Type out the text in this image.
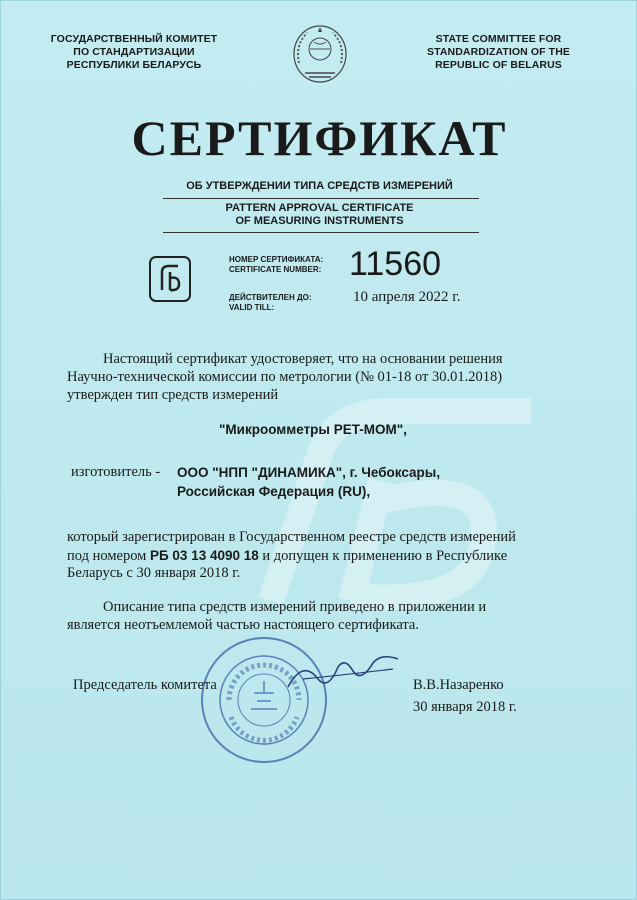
ГОСУДАРСТВЕННЫЙ КОМИТЕТ
ПО СТАНДАРТИЗАЦИИ
РЕСПУБЛИКИ БЕЛАРУСЬ
STATE COMMITTEE FOR
STANDARDIZATION OF THE
REPUBLIC OF BELARUS
СЕРТИФИКАТ
ОБ УТВЕРЖДЕНИИ ТИПА СРЕДСТВ ИЗМЕРЕНИЙ
PATTERN APPROVAL CERTIFICATE
OF MEASURING INSTRUMENTS
НОМЕР СЕРТИФИКАТА:
CERTIFICATE NUMBER: 11560
ДЕЙСТВИТЕЛЕН ДО:
VALID TILL:
10 апреля 2022 г.
Настоящий сертификат удостоверяет, что на основании решения
Научно-технической комиссии по метрологии (№ 01-18 от 30.01.2018)
утвержден тип средств измерений
"Микроомметры PET-MOM",
изготовитель - ООО "НПП "ДИНАМИКА", г. Чебоксары,
Российская Федерация (RU),
который зарегистрирован в Государственном реестре средств измерений
под номером РБ 03 13 4090 18 и допущен к применению в Республике
Беларусь с 30 января 2018 г.
Описание типа средств измерений приведено в приложении и
является неотъемлемой частью настоящего сертификата.
Председатель комитета	В.В.Назаренко
30 января 2018 г.
